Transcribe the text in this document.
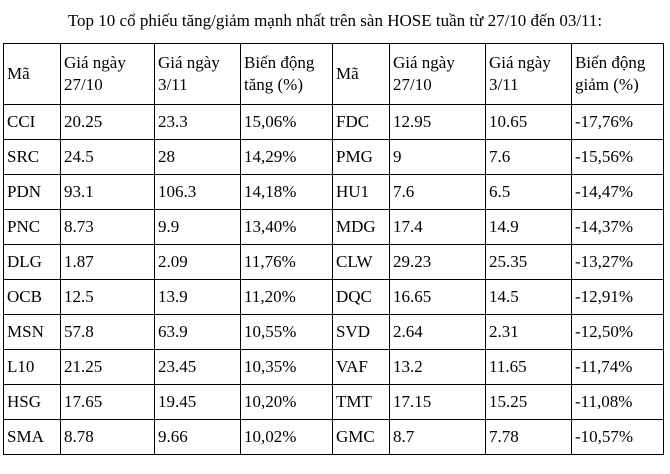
Top 10 cổ phiếu tăng/giảm mạnh nhất trên sàn HOSE tuần từ 27/10 đến 03/11:
Mã	Giá ngày 27/10	Giá ngày 3/11	Biến động tăng (%)	Mã	Giá ngày 27/10	Giá ngày 3/11	Biến động giảm (%)
CCI	20.25	23.3	15,06%	FDC	12.95	10.65	-17,76%
SRC	24.5	28	14,29%	PMG	9	7.6	-15,56%
PDN	93.1	106.3	14,18%	HU1	7.6	6.5	-14,47%
PNC	8.73	9.9	13,40%	MDG	17.4	14.9	-14,37%
DLG	1.87	2.09	11,76%	CLW	29.23	25.35	-13,27%
OCB	12.5	13.9	11,20%	DQC	16.65	14.5	-12,91%
MSN	57.8	63.9	10,55%	SVD	2.64	2.31	-12,50%
L10	21.25	23.45	10,35%	VAF	13.2	11.65	-11,74%
HSG	17.65	19.45	10,20%	TMT	17.15	15.25	-11,08%
SMA	8.78	9.66	10,02%	GMC	8.7	7.78	-10,57%
